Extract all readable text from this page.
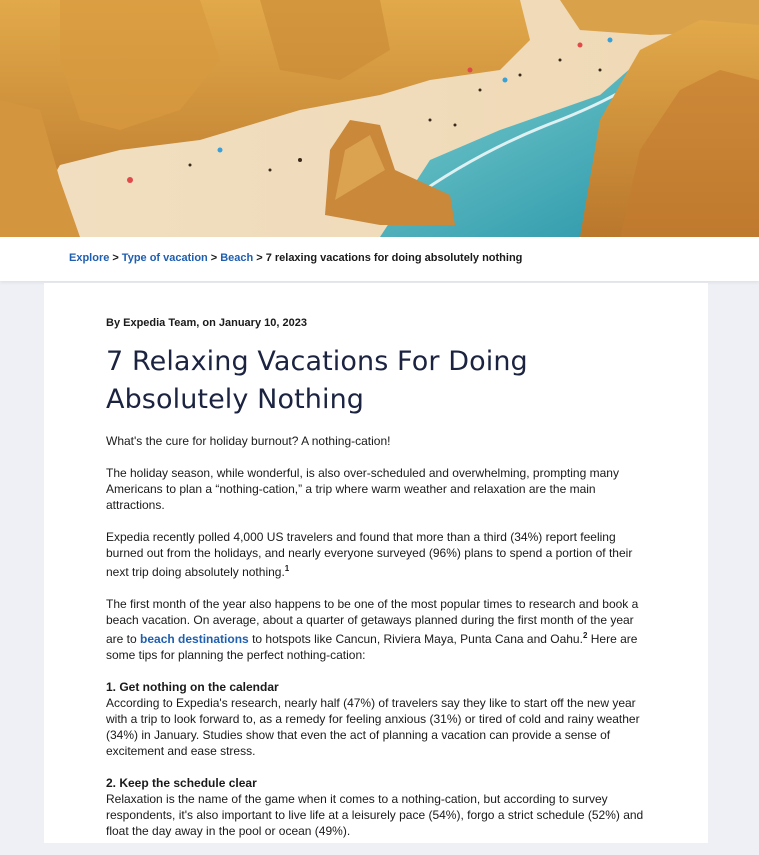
Explore > Type of vacation > Beach > 7 relaxing vacations for doing absolutely nothing

By Expedia Team, on January 10, 2023

7 Relaxing Vacations For Doing Absolutely Nothing

What's the cure for holiday burnout? A nothing-cation!

The holiday season, while wonderful, is also over-scheduled and overwhelming, prompting many Americans to plan a “nothing-cation,” a trip where warm weather and relaxation are the main attractions.

Expedia recently polled 4,000 US travelers and found that more than a third (34%) report feeling burned out from the holidays, and nearly everyone surveyed (96%) plans to spend a portion of their next trip doing absolutely nothing.$^1$

The first month of the year also happens to be one of the most popular times to research and book a beach vacation. On average, about a quarter of getaways planned during the first month of the year are to beach destinations to hotspots like Cancun, Riviera Maya, Punta Cana and Oahu.$^2$ Here are some tips for planning the perfect nothing-cation:

1. Get nothing on the calendar
According to Expedia's research, nearly half (47%) of travelers say they like to start off the new year with a trip to look forward to, as a remedy for feeling anxious (31%) or tired of cold and rainy weather (34%) in January. Studies show that even the act of planning a vacation can provide a sense of excitement and ease stress.

2. Keep the schedule clear
Relaxation is the name of the game when it comes to a nothing-cation, but according to survey respondents, it's also important to live life at a leisurely pace (54%), forgo a strict schedule (52%) and float the day away in the pool or ocean (49%).
